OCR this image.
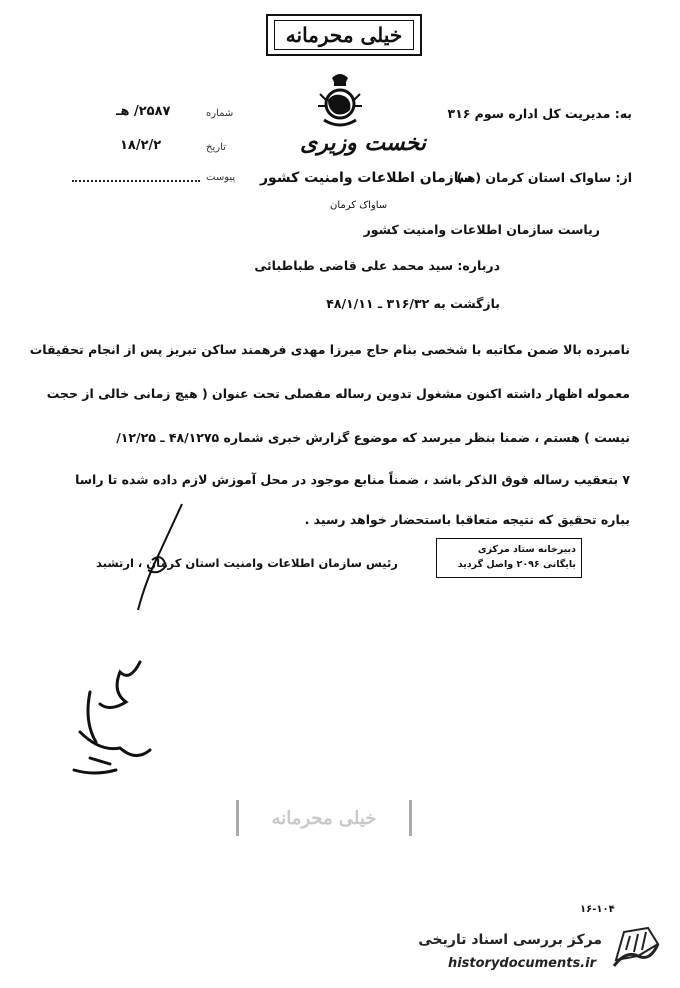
خیلی محرمانه
نخست وزیری
سازمان اطلاعات وامنیت کشور
ساواک کرمان
شماره
۲۵۸۷/ هـ
تاریخ
۱۸/۲/۲
پیوست
به: مدیریت کل اداره سوم ۳۱۶
از: ساواک استان کرمان (هـ)
ریاست سازمان اطلاعات وامنیت کشور
درباره: سید محمد علی قاضی طباطبائی
بازگشت به ۳۱۶/۳۲ ـ ۴۸/۱/۱۱
نامبرده بالا ضمن مکاتبه با شخصی بنام حاج میرزا مهدی فرهمند ساکن تبریز پس از انجام تحقیقات
معموله اظهار داشته اکنون مشغول تدوین رساله مفصلی تحت عنوان ( هیچ زمانی خالی از حجت
نیست ) هستم ، ضمنا بنظر میرسد که موضوع گزارش خبری شماره ۴۸/۱۲۷۵ ـ ۱۲/۲۵/
۷ بتعقیب رساله فوق الذکر باشد ، ضمناً منابع موجود در محل آموزش لازم داده شده تا راسا
بباره تحقیق که نتیجه متعاقبا باستحضار خواهد رسید .
رئیس سازمان اطلاعات وامنیت استان کرمان ، ارتشبد
دبیرخانه ستاد مرکزی
بایگانی ۲۰۹۶ واصل گردید
خیلی محرمانه
۱۶-۱۰۴
مرکز بررسی اسناد تاریخی
historydocuments.ir
